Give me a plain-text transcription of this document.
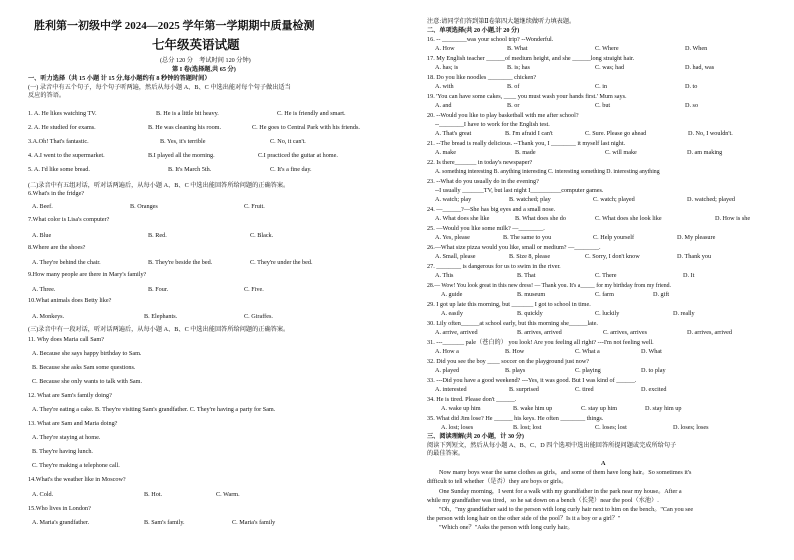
胜利第一初级中学 2024—2025 学年第一学期期中质量检测
七年级英语试题
(总分 120 分　考试时间 120 分钟)
第 I 卷(选择题,共 65 分)
一、听力选择（共 15 小题 计 15 分,每小题约有 8 秒钟的答题时间）
(一) 录音中有五个句子，每个句子听两遍，然后从每小题 A、B、C 中选出能对每个句子做出适当
反应的答语。
1. A. He likes watching TV.	B. He is a little bit heavy.	C. He is friendly and smart.
2. A. He studied for exams.	B. He was cleaning his room.	C. He goes to Central Park with his friends.
3.A.Oh! That's fantastic.	B. Yes, it's terrible	C. No, it can't.
4. A.I went to the supermarket.	B.I played all the morning.	C.I practiced the guitar at home.
5. A. I'd like some bread.	B. It's March 5th.	C. It's a fine day.
(二)录音中有五组对话，听对话两遍后，从每小题 A、B、C 中选出能回答所给问题的正确答案。
6.What's in the fridge?
A. Beef.	B. Oranges	C. Fruit.
7.What color is Lisa's computer?
A. Blue	B. Red.	C. Black.
8.Where are the shoes?
A. They're behind the chair.	B. They're beside the bed.	C. They're under the bed.
9.How many people are there in Mary's family?
A. Three.	B. Four.	C. Five.
10.What animals does Betty like?
A. Monkeys.	B. Elephants.	C. Giraffes.
(三)录音中有一段对话，听对话两遍后，从每小题 A、B、C 中选出能回答所给问题的正确答案。
11. Why does Maria call Sam?
A. Because she says happy birthday to Sam.
B. Because she asks Sam some questions.
C. Because she only wants to talk with Sam.
12. What are Sam's family doing?
A. They're eating a cake. B. They're visiting Sam's grandfather. C. They're having a party for Sam.
13. What are Sam and Maria doing?
A. They're staying at home.
B. They're having lunch.
C. They're making a telephone call.
14.What's the weather like in Moscow?
A. Cold.	B. Hot.	C. Warm.
15.Who lives in London?
A. Maria's grandfather.	B. Sam's family.	C. Maria's family
注意:请同学们答到第Ⅱ卷第四大题继续做听力填表题。
二、单项选择(共 20 小题,计 20 分)
16. -- ________was your school trip? --Wonderful.
A. How	B. What	C. Where	D. When
17. My English teacher ______of medium height, and she ______long straight hair.
A. has; is	B. is; has	C. was; had	D. had, was
18. Do you like noodles ________ chicken?
A. with	B. of	C. in	D. to
19. 'You can have some cakes, ____ you must wash your hands first.' Mum says.
A. and	B. or	C. but	D. so
20. --Would you like to play basketball with me after school?
--________I have to work for the English test.
A. That's great	B. I'm afraid I can't	C. Sure. Please go ahead	D. No, I wouldn't.
21. --The bread is really delicious. --Thank you, I ________ it myself last night.
A. make	B. made	C. will make	D. am making
22. Is there_______ in today's newspaper?
A. something interesting B. anything interesting C. interesting something D. interesting anything
23. --What do you usually do in the evening?
--I usually _______TV, but last night I__________computer games.
A. watch; play	B. watched; play	C. watch; played	D. watched; played
24. —______?—She has big eyes and a small nose.
A. What does she like	B. What does she do	C. What does she look like	D. How is she
25. —Would you like some milk? —________.
A. Yes, please	B. The same to you	C. Help yourself	D. My pleasure
26.—What size pizza would you like, small or medium? —________.
A. Small, please	B. Size 8, please	C. Sorry, I don't know	D. Thank you
27. ________ is dangerous for us to swim in the river.
A. This	B. That	C. There	D. It
28.— Wow! You look great in this new dress! — Thank you. It's a_____ for my birthday from my friend.
A. guide	B. museum	C. farm	D. gift
29. I got up late this morning, but _______ I got to school in time.
A. easily	B. quickly	C. luckily	D. really
30. Lily often______at school early, but this morning she______late.
A. arrive, arrived	B. arrives, arrived	C. arrives, arrives	D. arrives, arrived
31. ---_______ pale（苍白的） you look! Are you feeling all right? ---I'm not feeling well.
A. How a	B. How	C. What a	D. What
32. Did you see the boy ____ soccer on the playground just now?
A. played	B. plays	C. playing	D. to play
33. ---Did you have a good weekend? ---Yes, it was good. But I was kind of ______.
A. interested	B. surprised	C. tired	D. excited
34. He is tired. Please don't ______.
A. wake up him	B. wake him up	C. stay up him	D. stay him up
35. What did Jim lose? He ______ his keys. He often ________ things.
A. lost; loses	B. lost; lost	C. loses; lost	D. loses; loses
三、阅读理解(共 20 小题，计 30 分)
阅读下列短文，然后从每小题 A、B、C、D 四个选项中选出能回答所提问题或完成所给句子
的最佳答案。
A
Now many boys wear the same clothes as girls，and some of them have long hair。So sometimes it's
difficult to tell whether（是否）they are boys or girls。
One Sunday morning，I went for a walk with my grandfather in the park near my house。After a
while my grandfather was tired，so he sat down on a bench（长凳）near the pool（水池）.
"Oh，"my grandfather said to the person with long curly hair next to him on the bench。"Can you see
the person with long hair on the other side of the pool？Is it a boy or a girl？"
"Which one？"Asks the person with long curly hair。
